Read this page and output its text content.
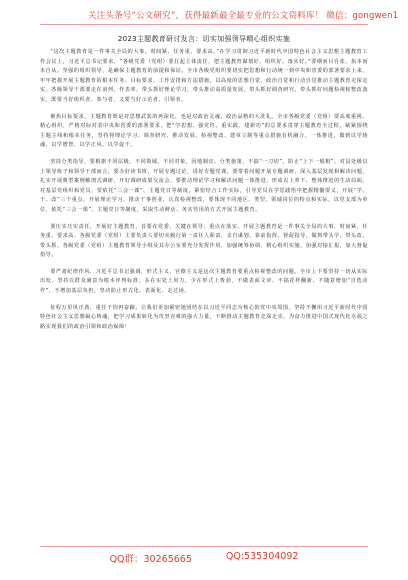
关注头条号“公文研究”，获得最新最全最专业的公文资料库！ 微信：gongwen1
2023主题教育研讨发言：切实加强领导精心组织实施

“这次主题教育是一件事关全局的大事，时间紧、任务重、要求高。”在学习贯彻习近平新时代中国特色社会主义思想主题教育工作会议上，习近平总书记要求，“各级党委（党组）要扛起主体责任，把主题教育谋划好、组织好、落实好。”要纲而目自张，执本而末自从。坚强的组织领导，是确保主题教育的前提和保证。全市各级党组织要切实把思想和行动统一到中央和省委的部署要求上来，牢牢把握开展主题教育的根本任务、目标要求，工作安排和方法措施，以高度的思想自觉、政治自觉和行动自觉推动主题教育走深走实。各级领导干部要走在前列、作表率，带头抓好理论学习，带头推动高质量发展，带头抓好调查研究，带头抓好问题检视和整改落实，既要当好组织者、参与者，又要当好示范者、引领者。

聚焦目标要求，主题教育既是对思想武装的再深化，也是对政治灵魂、政治品格的大洗礼。全市各级党委（党组）要高度重视、精心组织，严格对标对表中央和省委的部署要求，把“学思想、强党性、重实践、建新功”的总要求贯穿主题教育全过程，紧紧围绕主题主线和根本任务，坚持将理论学习、调查研究、推动发展、检视整改、建章立制等重点措施有机融合、一体推进，做到以学铸魂、以学增智、以学正风、以学促干。

坚持分类指导，要根据不同层级、不同领域、不同对象，因地制宜、分类施策，不搞“一刀切”，防止“上下一般粗”。对县处级以上领导班子和领导干部而言，要办好读书班，开展专题讨论，讲好专题党课，要带着问题开展专题调研，深入基层发现和解决问题，扎实开展典型案例解剖式调研，开好调研成果交流会。要推动理论学习和解决问题一体推进，形成以上率下、整体推进的生动局面。对基层党组织和党员，要依托“三会一课”、主题党日等制度，紧密结合工作实际，引导党员在学思践悟中把握精髓要义，开展“学、干、改”三个重点，开展理论学习，推动干事创业，认真检视整改，要体现不同地区、类型、领域岗位的特点和实际，以党支部为单位，依托“三会一课”、主题党日等制度，采取生动鲜活、务实管用的方式开展主题教育。

要压实压实责任，开展好主题教育，首要在党委、关键在领导、重点在落实。开展主题教育是一件事关全局的大事，时间紧、任务重、要求高。各级党委（党组）主要负责人要切实履行第一责任人职责，亲自谋划、靠前指挥、督促指导，做到带头学、带头改、带头抓。各级党委（党组）主题教育领导小组及其办公室要充分发挥作用，加强统筹协调、精心组织实施、加强对接汇报，加大督促指导。

要严肃纪律作风，习近平总书记强调，形式主义、官僚主义是这次主题教育要重点检视整改的问题。全市上下要坚持一切从实际出发，坚持以群众满意为根本评判标准，多在实处上用力，少在形式上费劲，不做表面文章、不搞花样翻新、不随意增加“自选动作”，不增加基层负担，坚决防止形式化、表面化、走过场。

征程万里风正劲，重任千钧再奋蹄。让我们更加紧密地团结在以习近平同志为核心的党中央周围，坚持不懈用习近平新时代中国特色社会主义思想凝心铸魂，把学习成果转化为攻坚克难的强大力量，不断推动主题教育走深走实，为奋力推进中国式现代化幸福之路实现我们的政治引领和政治保障！

QQ群：30265665	QQ:535304092
